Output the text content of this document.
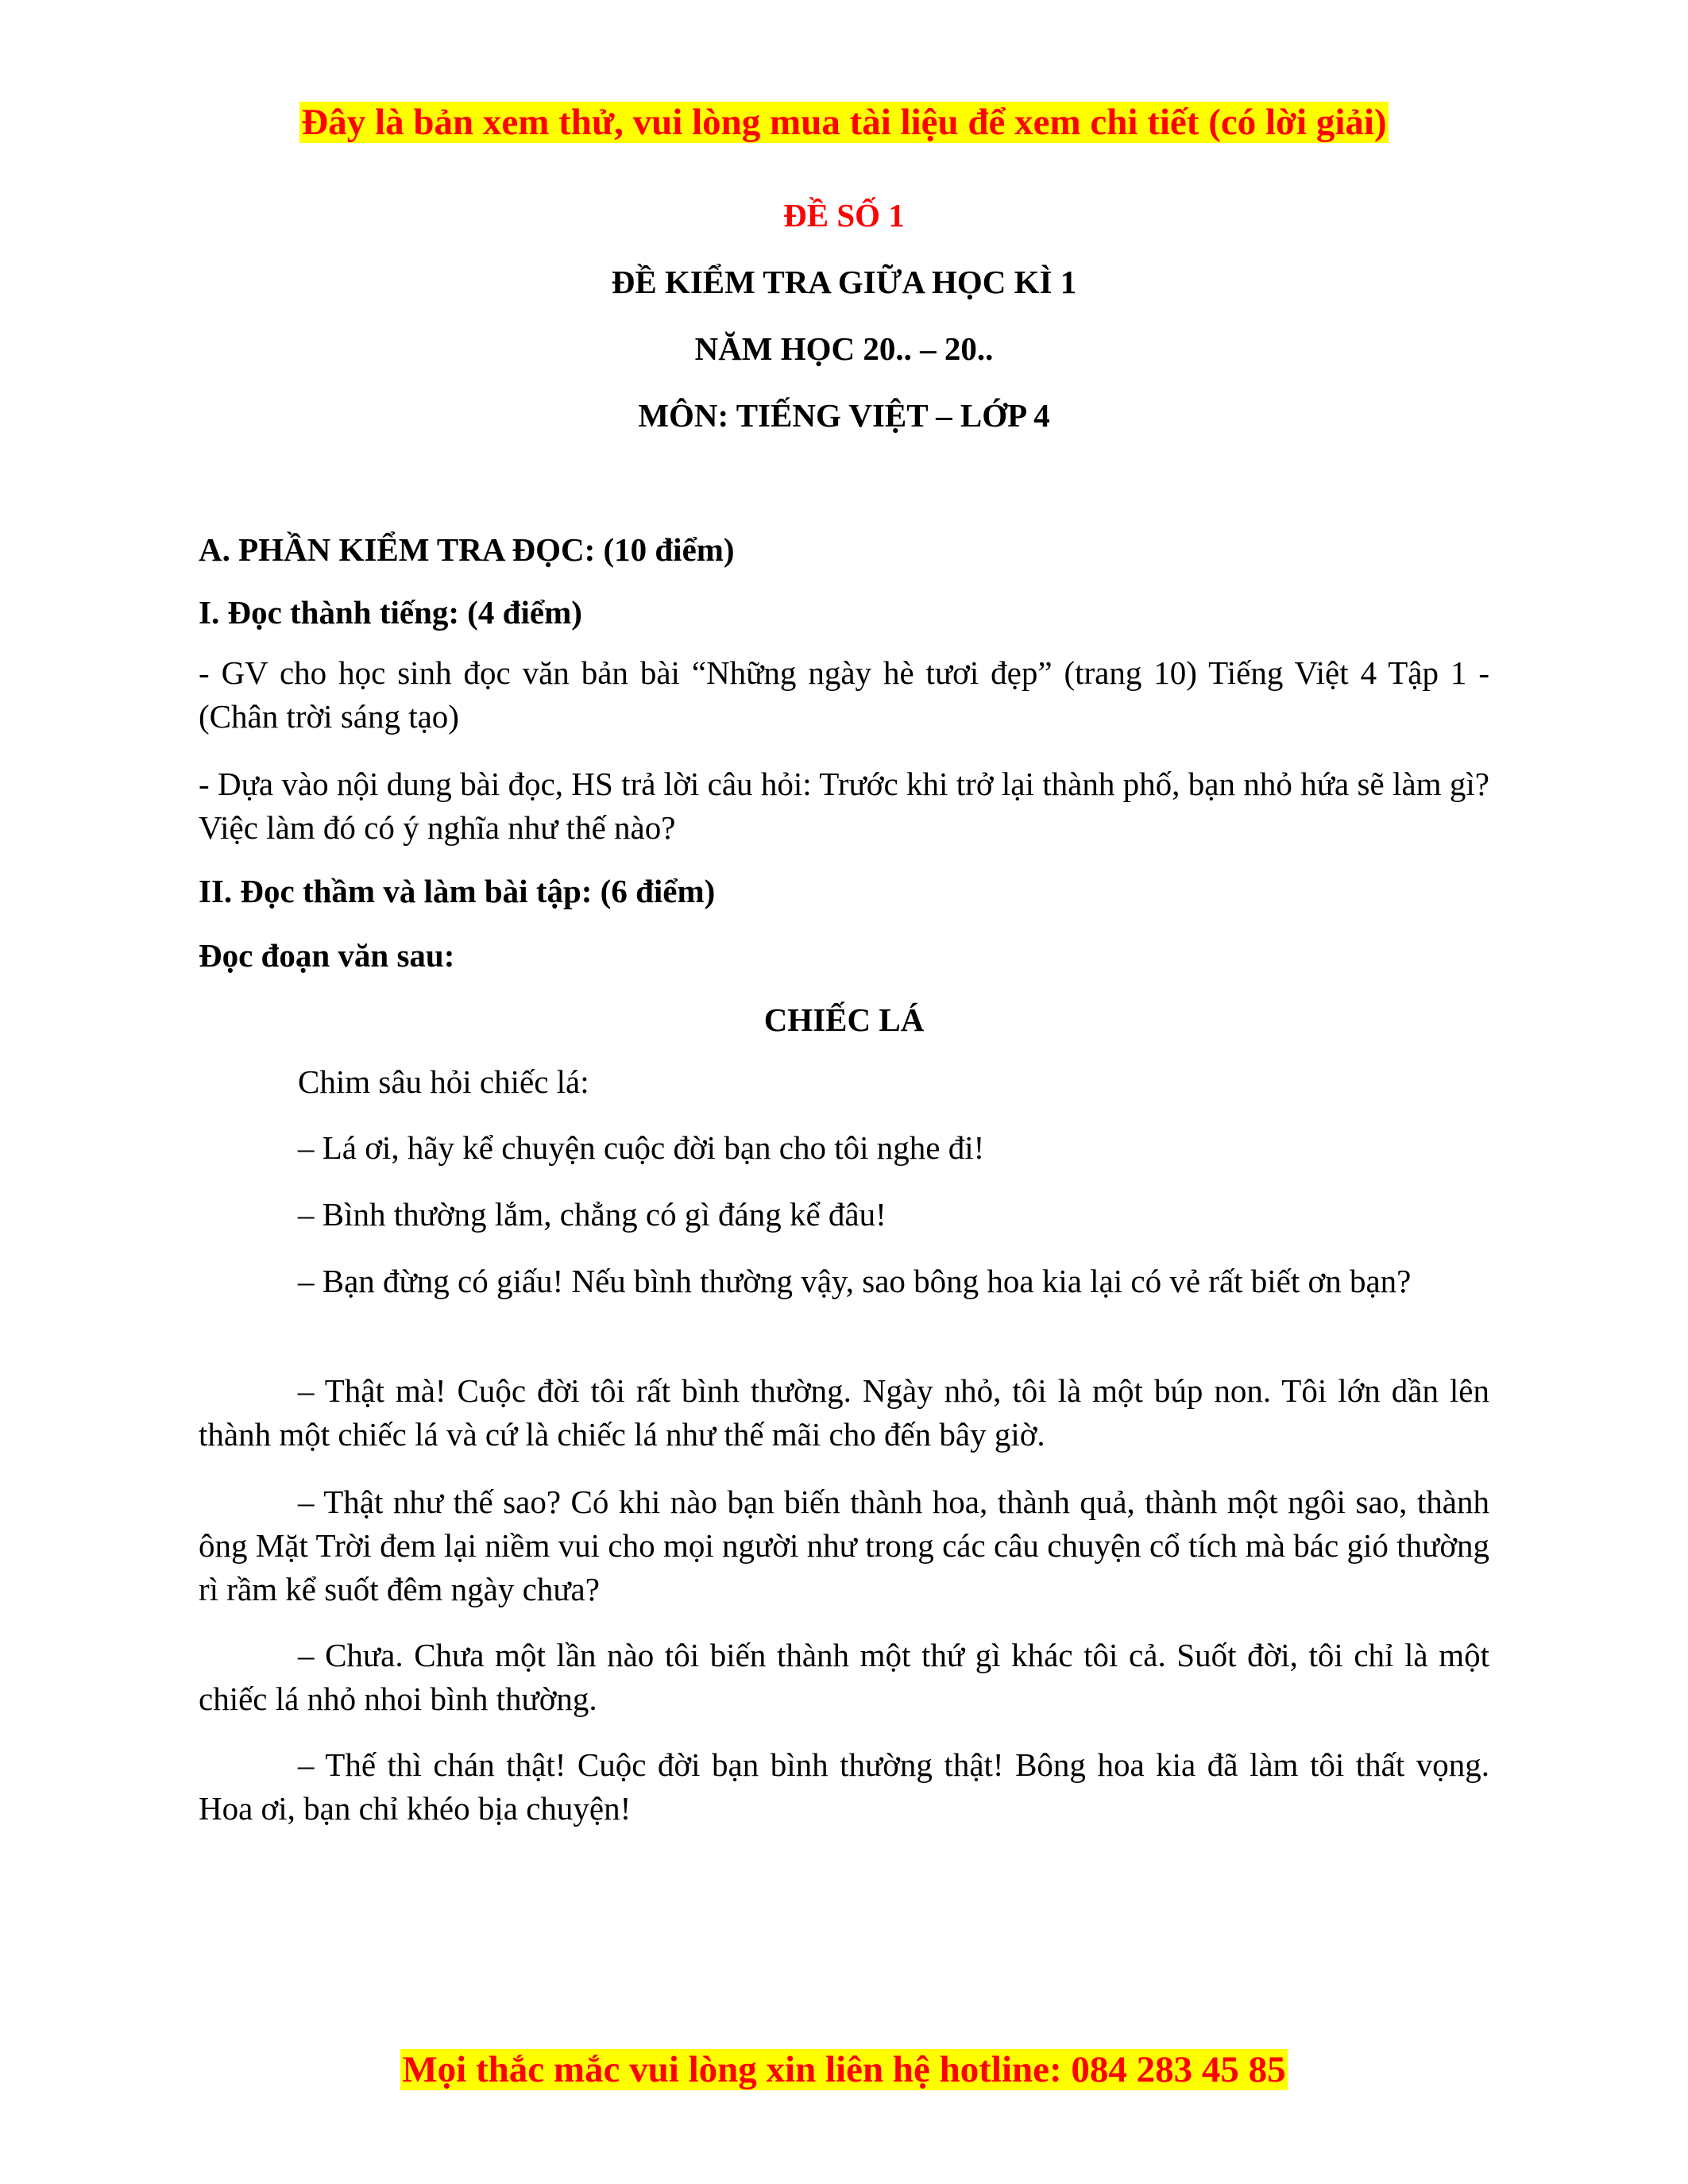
Đây là bản xem thử, vui lòng mua tài liệu để xem chi tiết (có lời giải)
ĐỀ SỐ 1
ĐỀ KIỂM TRA GIỮA HỌC KÌ 1
NĂM HỌC 20.. – 20..
MÔN: TIẾNG VIỆT – LỚP 4
A. PHẦN KIỂM TRA ĐỌC: (10 điểm)
I. Đọc thành tiếng: (4 điểm)
- GV cho học sinh đọc văn bản bài “Những ngày hè tươi đẹp” (trang 10) Tiếng Việt 4 Tập 1 - (Chân trời sáng tạo)
- Dựa vào nội dung bài đọc, HS trả lời câu hỏi: Trước khi trở lại thành phố, bạn nhỏ hứa sẽ làm gì? Việc làm đó có ý nghĩa như thế nào?
II. Đọc thầm và làm bài tập: (6 điểm)
Đọc đoạn văn sau:
CHIẾC LÁ
Chim sâu hỏi chiếc lá:
– Lá ơi, hãy kể chuyện cuộc đời bạn cho tôi nghe đi!
– Bình thường lắm, chẳng có gì đáng kể đâu!
– Bạn đừng có giấu! Nếu bình thường vậy, sao bông hoa kia lại có vẻ rất biết ơn bạn?
– Thật mà! Cuộc đời tôi rất bình thường. Ngày nhỏ, tôi là một búp non. Tôi lớn dần lên thành một chiếc lá và cứ là chiếc lá như thế mãi cho đến bây giờ.
– Thật như thế sao? Có khi nào bạn biến thành hoa, thành quả, thành một ngôi sao, thành ông Mặt Trời đem lại niềm vui cho mọi người như trong các câu chuyện cổ tích mà bác gió thường rì rầm kể suốt đêm ngày chưa?
– Chưa. Chưa một lần nào tôi biến thành một thứ gì khác tôi cả. Suốt đời, tôi chỉ là một chiếc lá nhỏ nhoi bình thường.
– Thế thì chán thật! Cuộc đời bạn bình thường thật! Bông hoa kia đã làm tôi thất vọng. Hoa ơi, bạn chỉ khéo bịa chuyện!
Mọi thắc mắc vui lòng xin liên hệ hotline: 084 283 45 85
